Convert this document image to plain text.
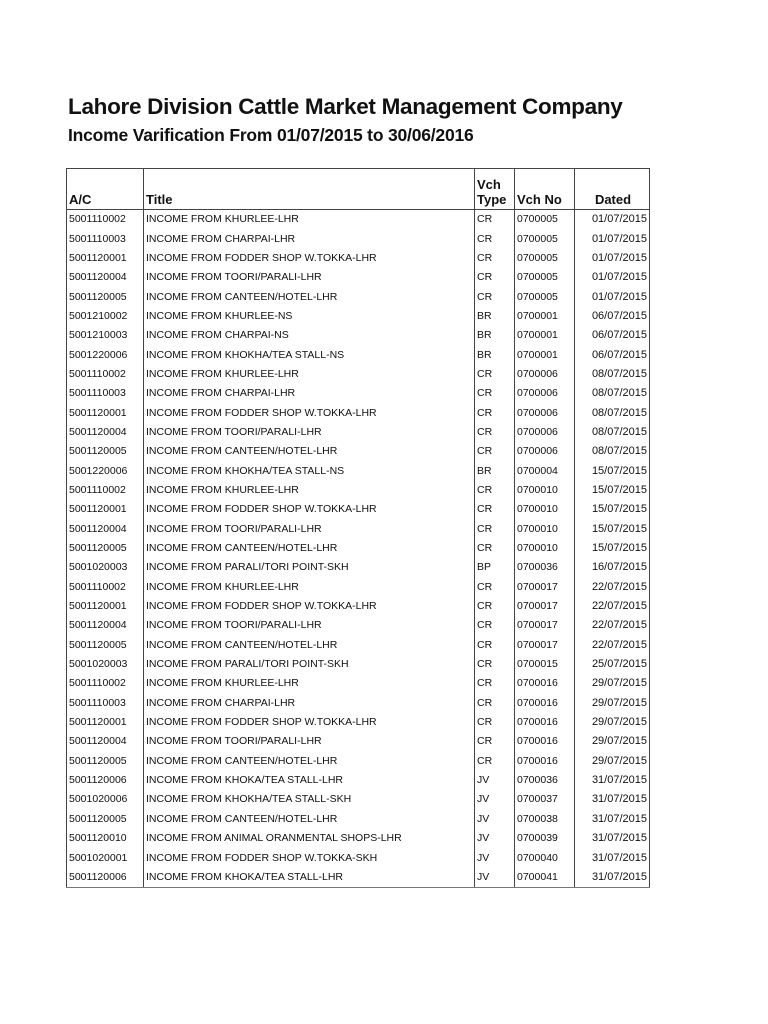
Lahore Division Cattle Market Management Company
Income Varification From 01/07/2015 to 30/06/2016
A/C	Title	Vch Type	Vch No	Dated
5001110002	INCOME FROM KHURLEE-LHR	CR	0700005	01/07/2015
5001110003	INCOME FROM CHARPAI-LHR	CR	0700005	01/07/2015
5001120001	INCOME FROM FODDER SHOP W.TOKKA-LHR	CR	0700005	01/07/2015
5001120004	INCOME FROM TOORI/PARALI-LHR	CR	0700005	01/07/2015
5001120005	INCOME FROM CANTEEN/HOTEL-LHR	CR	0700005	01/07/2015
5001210002	INCOME FROM KHURLEE-NS	BR	0700001	06/07/2015
5001210003	INCOME FROM CHARPAI-NS	BR	0700001	06/07/2015
5001220006	INCOME FROM KHOKHA/TEA STALL-NS	BR	0700001	06/07/2015
5001110002	INCOME FROM KHURLEE-LHR	CR	0700006	08/07/2015
5001110003	INCOME FROM CHARPAI-LHR	CR	0700006	08/07/2015
5001120001	INCOME FROM FODDER SHOP W.TOKKA-LHR	CR	0700006	08/07/2015
5001120004	INCOME FROM TOORI/PARALI-LHR	CR	0700006	08/07/2015
5001120005	INCOME FROM CANTEEN/HOTEL-LHR	CR	0700006	08/07/2015
5001220006	INCOME FROM KHOKHA/TEA STALL-NS	BR	0700004	15/07/2015
5001110002	INCOME FROM KHURLEE-LHR	CR	0700010	15/07/2015
5001120001	INCOME FROM FODDER SHOP W.TOKKA-LHR	CR	0700010	15/07/2015
5001120004	INCOME FROM TOORI/PARALI-LHR	CR	0700010	15/07/2015
5001120005	INCOME FROM CANTEEN/HOTEL-LHR	CR	0700010	15/07/2015
5001020003	INCOME FROM PARALI/TORI POINT-SKH	BP	0700036	16/07/2015
5001110002	INCOME FROM KHURLEE-LHR	CR	0700017	22/07/2015
5001120001	INCOME FROM FODDER SHOP W.TOKKA-LHR	CR	0700017	22/07/2015
5001120004	INCOME FROM TOORI/PARALI-LHR	CR	0700017	22/07/2015
5001120005	INCOME FROM CANTEEN/HOTEL-LHR	CR	0700017	22/07/2015
5001020003	INCOME FROM PARALI/TORI POINT-SKH	CR	0700015	25/07/2015
5001110002	INCOME FROM KHURLEE-LHR	CR	0700016	29/07/2015
5001110003	INCOME FROM CHARPAI-LHR	CR	0700016	29/07/2015
5001120001	INCOME FROM FODDER SHOP W.TOKKA-LHR	CR	0700016	29/07/2015
5001120004	INCOME FROM TOORI/PARALI-LHR	CR	0700016	29/07/2015
5001120005	INCOME FROM CANTEEN/HOTEL-LHR	CR	0700016	29/07/2015
5001120006	INCOME FROM KHOKA/TEA STALL-LHR	JV	0700036	31/07/2015
5001020006	INCOME FROM KHOKHA/TEA STALL-SKH	JV	0700037	31/07/2015
5001120005	INCOME FROM CANTEEN/HOTEL-LHR	JV	0700038	31/07/2015
5001120010	INCOME FROM ANIMAL ORANMENTAL SHOPS-LHR	JV	0700039	31/07/2015
5001020001	INCOME FROM FODDER SHOP W.TOKKA-SKH	JV	0700040	31/07/2015
5001120006	INCOME FROM KHOKA/TEA STALL-LHR	JV	0700041	31/07/2015
